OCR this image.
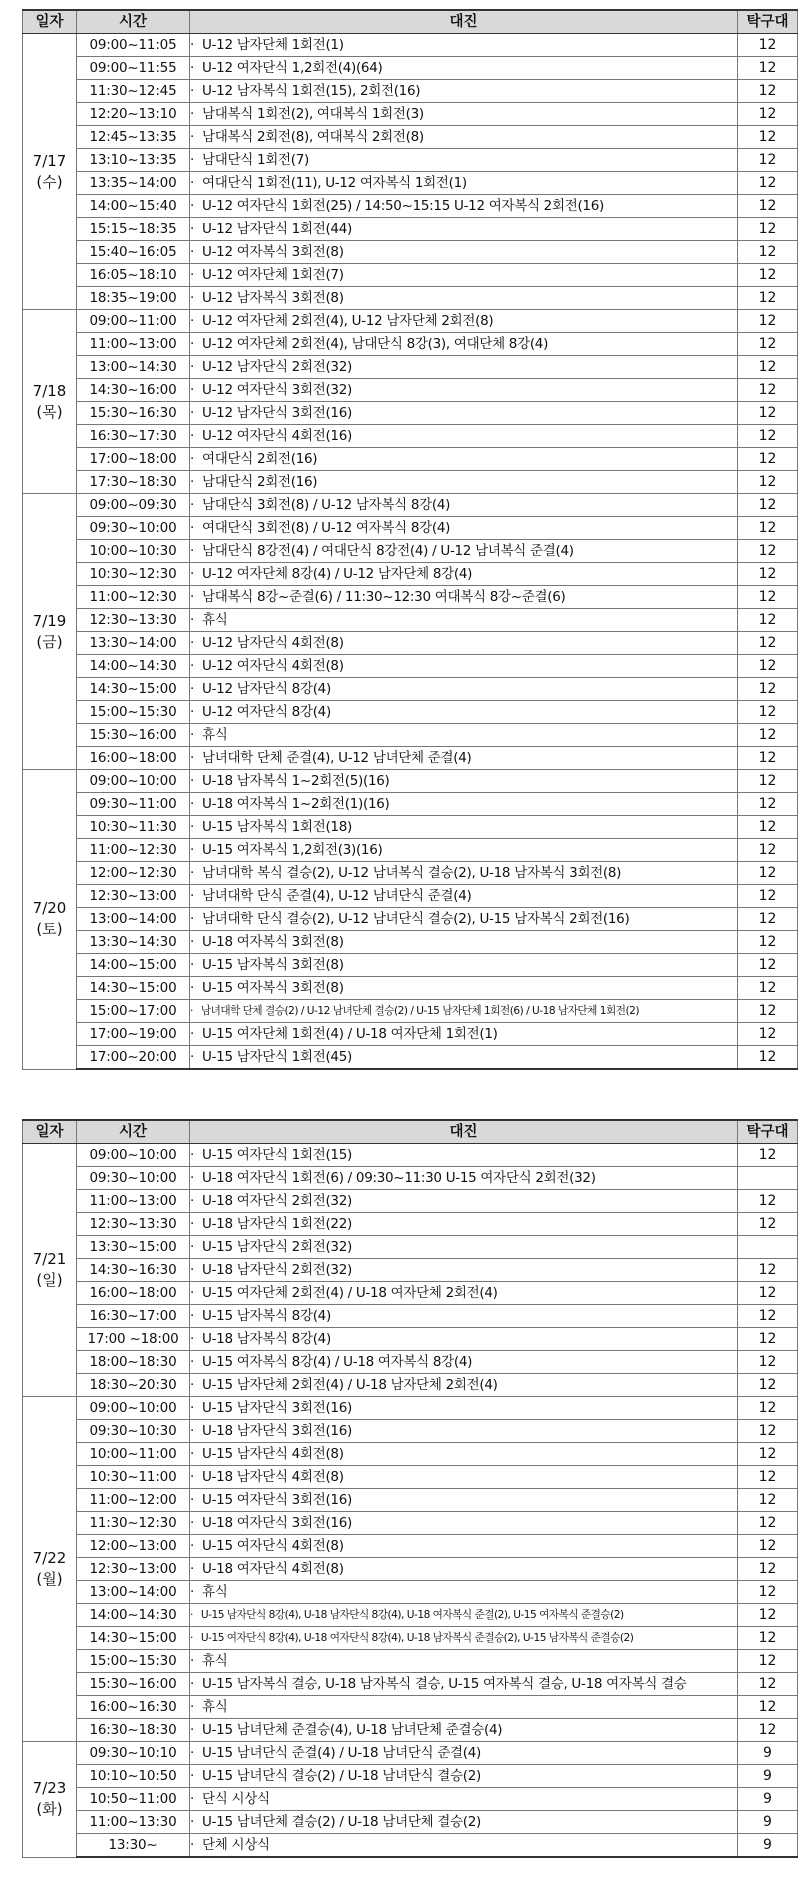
일자	시간	대진	탁구대

7/17
(수)	09:00~11:05	· U-12 남자단체 1회전(1)	12
	09:00~11:55	· U-12 여자단식 1,2회전(4)(64)	12
	11:30~12:45	· U-12 남자복식 1회전(15), 2회전(16)	12
	12:20~13:10	· 남대복식 1회전(2), 여대복식 1회전(3)	12
	12:45~13:35	· 남대복식 2회전(8), 여대복식 2회전(8)	12
	13:10~13:35	· 남대단식 1회전(7)	12
	13:35~14:00	· 여대단식 1회전(11), U-12 여자복식 1회전(1)	12
	14:00~15:40	· U-12 여자단식 1회전(25) / 14:50~15:15 U-12 여자복식 2회전(16)	12
	15:15~18:35	· U-12 남자단식 1회전(44)	12
	15:40~16:05	· U-12 여자복식 3회전(8)	12
	16:05~18:10	· U-12 여자단체 1회전(7)	12
	18:35~19:00	· U-12 남자복식 3회전(8)	12

7/18
(목)	09:00~11:00	· U-12 여자단체 2회전(4), U-12 남자단체 2회전(8)	12
	11:00~13:00	· U-12 여자단체 2회전(4), 남대단식 8강(3), 여대단체 8강(4)	12
	13:00~14:30	· U-12 남자단식 2회전(32)	12
	14:30~16:00	· U-12 여자단식 3회전(32)	12
	15:30~16:30	· U-12 남자단식 3회전(16)	12
	16:30~17:30	· U-12 여자단식 4회전(16)	12
	17:00~18:00	· 여대단식 2회전(16)	12
	17:30~18:30	· 남대단식 2회전(16)	12

7/19
(금)	09:00~09:30	· 남대단식 3회전(8) / U-12 남자복식 8강(4)	12
	09:30~10:00	· 여대단식 3회전(8) / U-12 여자복식 8강(4)	12
	10:00~10:30	· 남대단식 8강전(4) / 여대단식 8강전(4) / U-12 남녀복식 준결(4)	12
	10:30~12:30	· U-12 여자단체 8강(4) / U-12 남자단체 8강(4)	12
	11:00~12:30	· 남대복식 8강~준결(6) / 11:30~12:30 여대복식 8강~준결(6)	12
	12:30~13:30	· 휴식	12
	13:30~14:00	· U-12 남자단식 4회전(8)	12
	14:00~14:30	· U-12 여자단식 4회전(8)	12
	14:30~15:00	· U-12 남자단식 8강(4)	12
	15:00~15:30	· U-12 여자단식 8강(4)	12
	15:30~16:00	· 휴식	12
	16:00~18:00	· 남녀대학 단체 준결(4), U-12 남녀단체 준결(4)	12

7/20
(토)	09:00~10:00	· U-18 남자복식 1~2회전(5)(16)	12
	09:30~11:00	· U-18 여자복식 1~2회전(1)(16)	12
	10:30~11:30	· U-15 남자복식 1회전(18)	12
	11:00~12:30	· U-15 여자복식 1,2회전(3)(16)	12
	12:00~12:30	· 남녀대학 복식 결승(2), U-12 남녀복식 결승(2), U-18 남자복식 3회전(8)	12
	12:30~13:00	· 남녀대학 단식 준결(4), U-12 남녀단식 준결(4)	12
	13:00~14:00	· 남녀대학 단식 결승(2), U-12 남녀단식 결승(2), U-15 남자복식 2회전(16)	12
	13:30~14:30	· U-18 여자복식 3회전(8)	12
	14:00~15:00	· U-15 남자복식 3회전(8)	12
	14:30~15:00	· U-15 여자복식 3회전(8)	12
	15:00~17:00	· 남녀대학 단체 결승(2) / U-12 남녀단체 결승(2) / U-15 남자단체 1회전(6) / U-18 남자단체 1회전(2)	12
	17:00~19:00	· U-15 여자단체 1회전(4) / U-18 여자단체 1회전(1)	12
	17:00~20:00	· U-15 남자단식 1회전(45)	12
일자	시간	대진	탁구대

7/21
(일)	09:00~10:00	· U-15 여자단식 1회전(15)	12
	09:30~10:00	· U-18 여자단식 1회전(6) / 09:30~11:30 U-15 여자단식 2회전(32)	
	11:00~13:00	· U-18 여자단식 2회전(32)	12
	12:30~13:30	· U-18 남자단식 1회전(22)	12
	13:30~15:00	· U-15 남자단식 2회전(32)	
	14:30~16:30	· U-18 남자단식 2회전(32)	12
	16:00~18:00	· U-15 여자단체 2회전(4) / U-18 여자단체 2회전(4)	12
	16:30~17:00	· U-15 남자복식 8강(4)	12
	17:00 ~18:00	· U-18 남자복식 8강(4)	12
	18:00~18:30	· U-15 여자복식 8강(4) / U-18 여자복식 8강(4)	12
	18:30~20:30	· U-15 남자단체 2회전(4) / U-18 남자단체 2회전(4)	12

7/22
(월)	09:00~10:00	· U-15 남자단식 3회전(16)	12
	09:30~10:30	· U-18 남자단식 3회전(16)	12
	10:00~11:00	· U-15 남자단식 4회전(8)	12
	10:30~11:00	· U-18 남자단식 4회전(8)	12
	11:00~12:00	· U-15 여자단식 3회전(16)	12
	11:30~12:30	· U-18 여자단식 3회전(16)	12
	12:00~13:00	· U-15 여자단식 4회전(8)	12
	12:30~13:00	· U-18 여자단식 4회전(8)	12
	13:00~14:00	· 휴식	12
	14:00~14:30	· U-15 남자단식 8강(4), U-18 남자단식 8강(4), U-18 여자복식 준결(2), U-15 여자복식 준결승(2)	12
	14:30~15:00	· U-15 여자단식 8강(4), U-18 여자단식 8강(4), U-18 남자복식 준결승(2), U-15 남자복식 준결승(2)	12
	15:00~15:30	· 휴식	12
	15:30~16:00	· U-15 남자복식 결승, U-18 남자복식 결승, U-15 여자복식 결승, U-18 여자복식 결승	12
	16:00~16:30	· 휴식	12
	16:30~18:30	· U-15 남녀단체 준결승(4), U-18 남녀단체 준결승(4)	12

7/23
(화)	09:30~10:10	· U-15 남녀단식 준결(4) / U-18 남녀단식 준결(4)	9
	10:10~10:50	· U-15 남녀단식 결승(2) / U-18 남녀단식 결승(2)	9
	10:50~11:00	· 단식 시상식	9
	11:00~13:30	· U-15 남녀단체 결승(2) / U-18 남녀단체 결승(2)	9
	13:30~	· 단체 시상식	9
